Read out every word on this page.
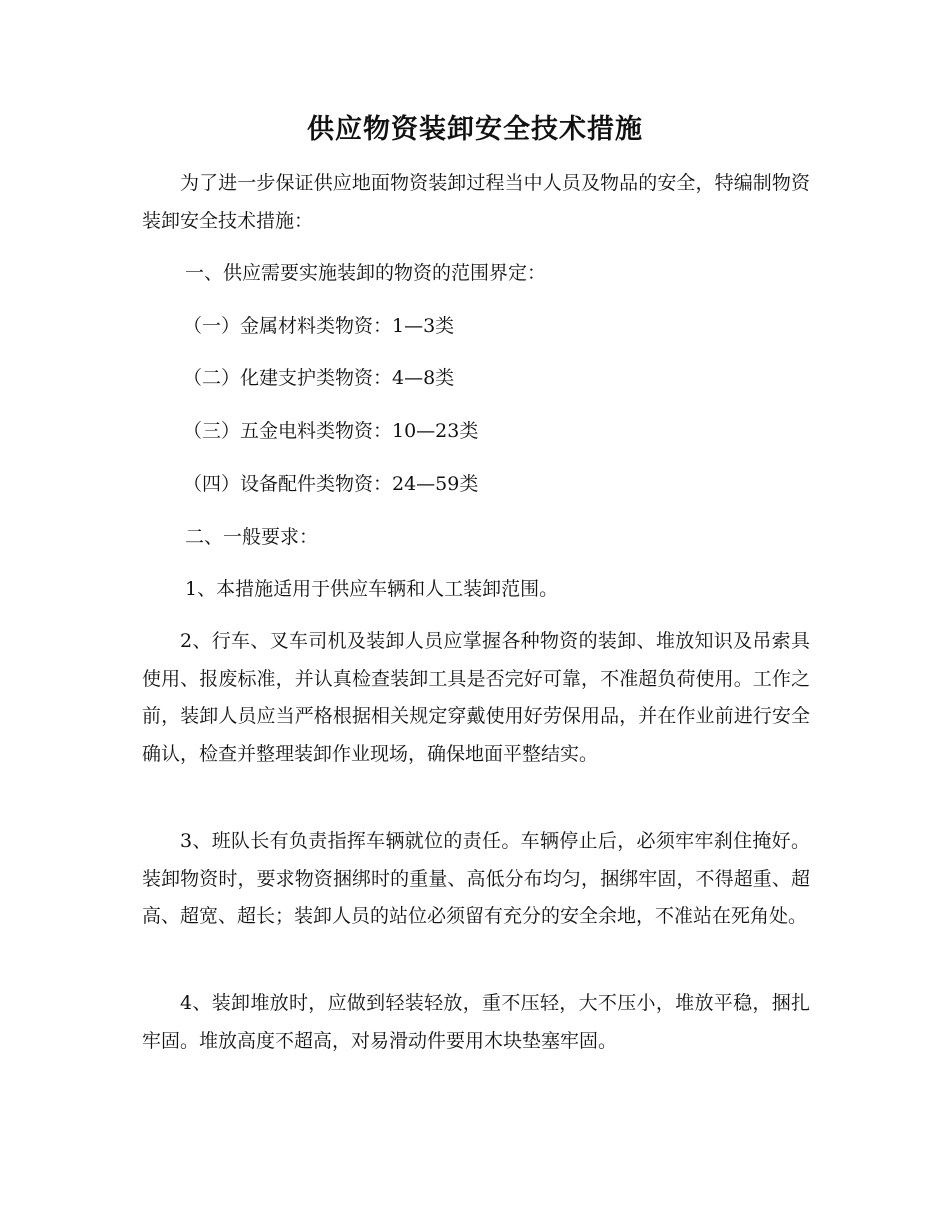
供应物资装卸安全技术措施

为了进一步保证供应地面物资装卸过程当中人员及物品的安全，特编制物资装卸安全技术措施：

一、供应需要实施装卸的物资的范围界定：

（一）金属材料类物资：1—3类

（二）化建支护类物资：4—8类

（三）五金电料类物资：10—23类

（四）设备配件类物资：24—59类

二、一般要求：

1、本措施适用于供应车辆和人工装卸范围。

2、行车、叉车司机及装卸人员应掌握各种物资的装卸、堆放知识及吊索具使用、报废标准，并认真检查装卸工具是否完好可靠，不准超负荷使用。工作之前，装卸人员应当严格根据相关规定穿戴使用好劳保用品，并在作业前进行安全确认，检查并整理装卸作业现场，确保地面平整结实。

3、班队长有负责指挥车辆就位的责任。车辆停止后，必须牢牢刹住掩好。装卸物资时，要求物资捆绑时的重量、高低分布均匀，捆绑牢固，不得超重、超高、超宽、超长；装卸人员的站位必须留有充分的安全余地，不准站在死角处。

4、装卸堆放时，应做到轻装轻放，重不压轻，大不压小，堆放平稳，捆扎牢固。堆放高度不超高，对易滑动件要用木块垫塞牢固。
